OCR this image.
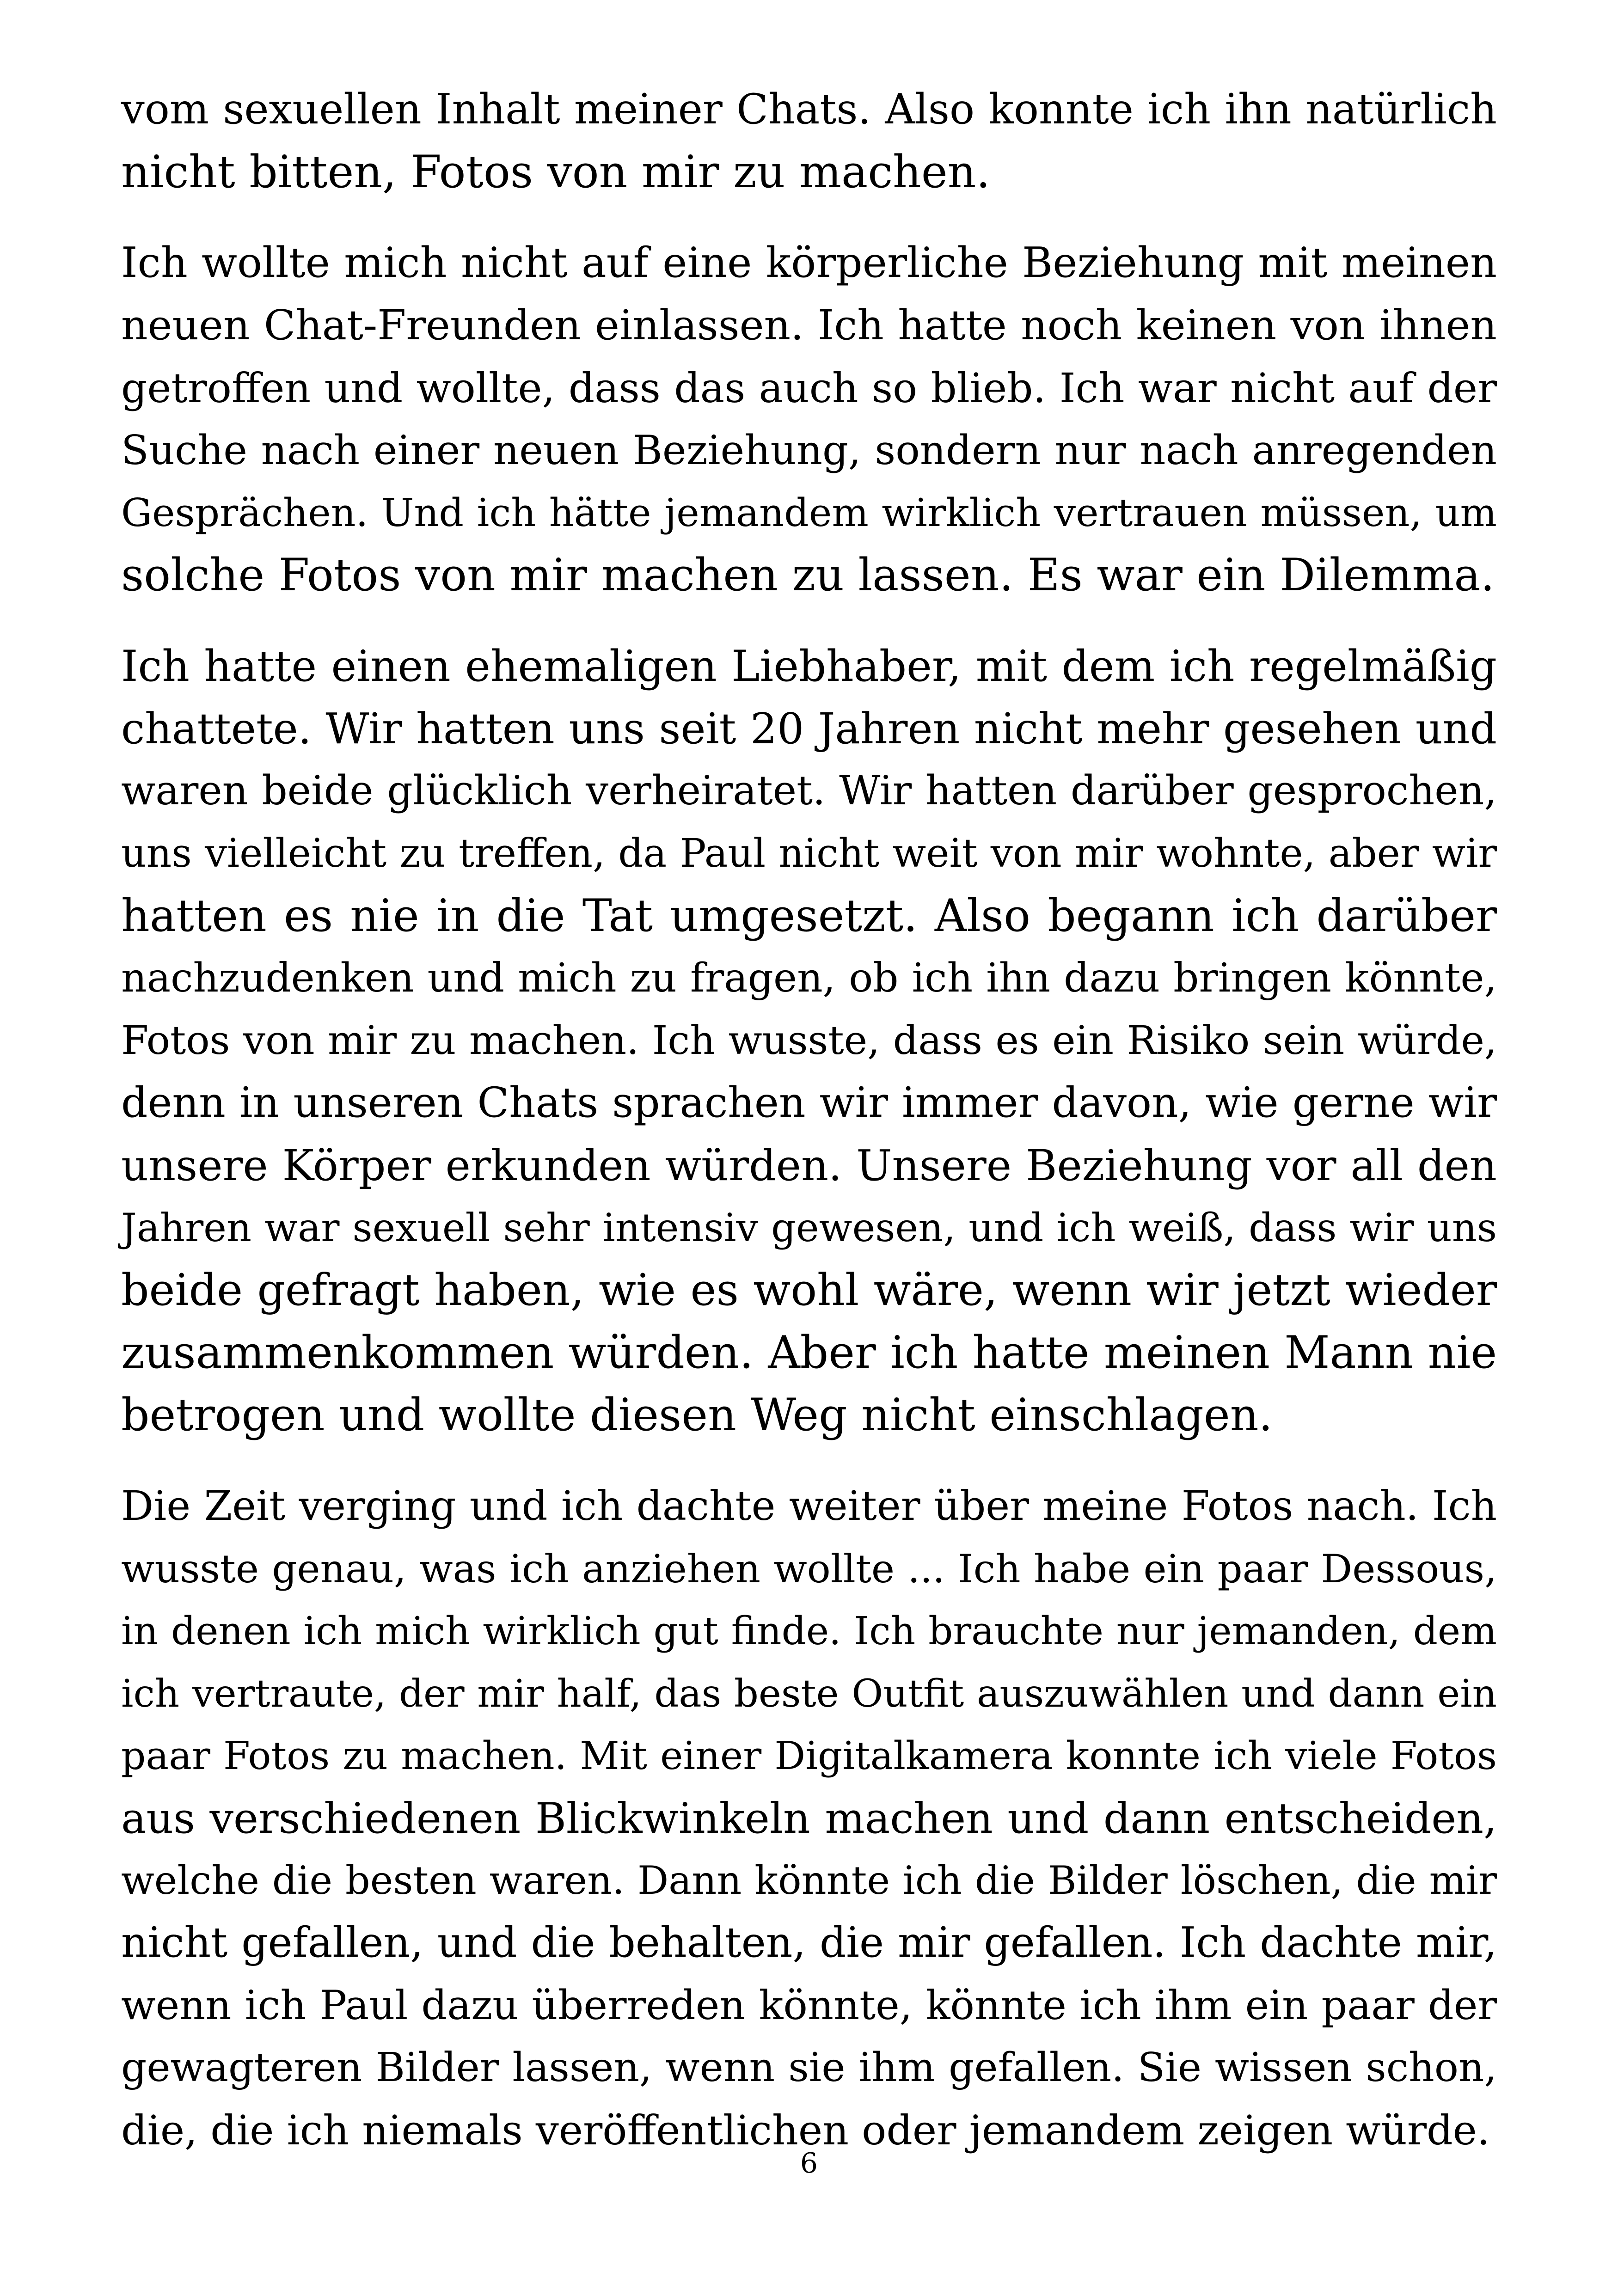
vom sexuellen Inhalt meiner Chats. Also konnte ich ihn natürlich
nicht bitten, Fotos von mir zu machen.

Ich wollte mich nicht auf eine körperliche Beziehung mit meinen
neuen Chat-Freunden einlassen. Ich hatte noch keinen von ihnen
getroffen und wollte, dass das auch so blieb. Ich war nicht auf der
Suche nach einer neuen Beziehung, sondern nur nach anregenden
Gesprächen. Und ich hätte jemandem wirklich vertrauen müssen, um
solche Fotos von mir machen zu lassen. Es war ein Dilemma.

Ich hatte einen ehemaligen Liebhaber, mit dem ich regelmäßig
chattete. Wir hatten uns seit 20 Jahren nicht mehr gesehen und
waren beide glücklich verheiratet. Wir hatten darüber gesprochen,
uns vielleicht zu treffen, da Paul nicht weit von mir wohnte, aber wir
hatten es nie in die Tat umgesetzt. Also begann ich darüber
nachzudenken und mich zu fragen, ob ich ihn dazu bringen könnte,
Fotos von mir zu machen. Ich wusste, dass es ein Risiko sein würde,
denn in unseren Chats sprachen wir immer davon, wie gerne wir
unsere Körper erkunden würden. Unsere Beziehung vor all den
Jahren war sexuell sehr intensiv gewesen, und ich weiß, dass wir uns
beide gefragt haben, wie es wohl wäre, wenn wir jetzt wieder
zusammenkommen würden. Aber ich hatte meinen Mann nie
betrogen und wollte diesen Weg nicht einschlagen.

Die Zeit verging und ich dachte weiter über meine Fotos nach. Ich
wusste genau, was ich anziehen wollte ... Ich habe ein paar Dessous,
in denen ich mich wirklich gut finde. Ich brauchte nur jemanden, dem
ich vertraute, der mir half, das beste Outfit auszuwählen und dann ein
paar Fotos zu machen. Mit einer Digitalkamera konnte ich viele Fotos
aus verschiedenen Blickwinkeln machen und dann entscheiden,
welche die besten waren. Dann könnte ich die Bilder löschen, die mir
nicht gefallen, und die behalten, die mir gefallen. Ich dachte mir,
wenn ich Paul dazu überreden könnte, könnte ich ihm ein paar der
gewagteren Bilder lassen, wenn sie ihm gefallen. Sie wissen schon,
die, die ich niemals veröffentlichen oder jemandem zeigen würde.

6
